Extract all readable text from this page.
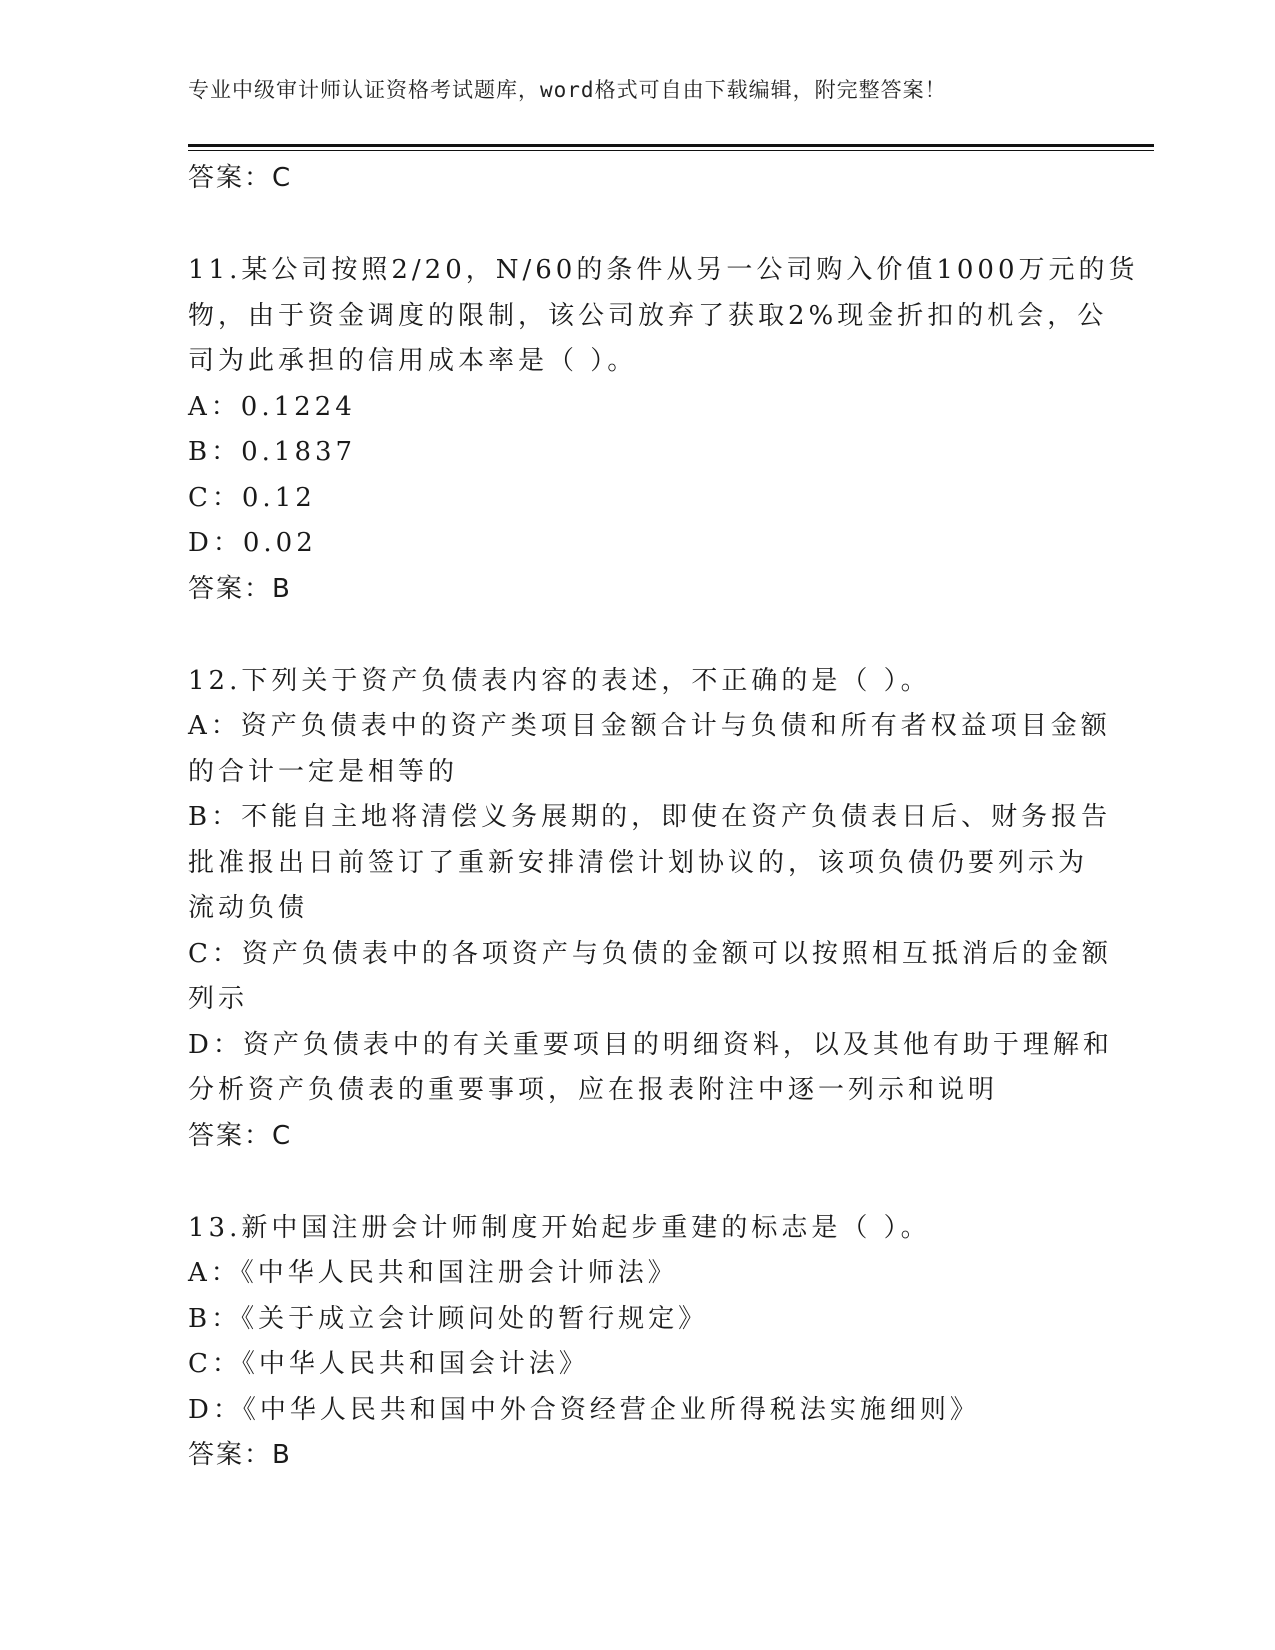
专业中级审计师认证资格考试题库，word格式可自由下载编辑，附完整答案！

答案：C

11.某公司按照2/20，N/60的条件从另一公司购入价值1000万元的货

物，由于资金调度的限制，该公司放弃了获取2%现金折扣的机会，公

司为此承担的信用成本率是（ ）。

A：0.1224

B：0.1837

C：0.12

D：0.02

答案：B

12.下列关于资产负债表内容的表述，不正确的是（ ）。

A：资产负债表中的资产类项目金额合计与负债和所有者权益项目金额

的合计一定是相等的

B：不能自主地将清偿义务展期的，即使在资产负债表日后、财务报告

批准报出日前签订了重新安排清偿计划协议的，该项负债仍要列示为

流动负债

C：资产负债表中的各项资产与负债的金额可以按照相互抵消后的金额

列示

D：资产负债表中的有关重要项目的明细资料，以及其他有助于理解和

分析资产负债表的重要事项，应在报表附注中逐一列示和说明

答案：C

13.新中国注册会计师制度开始起步重建的标志是（ ）。

A：《中华人民共和国注册会计师法》

B：《关于成立会计顾问处的暂行规定》

C：《中华人民共和国会计法》

D：《中华人民共和国中外合资经营企业所得税法实施细则》

答案：B
